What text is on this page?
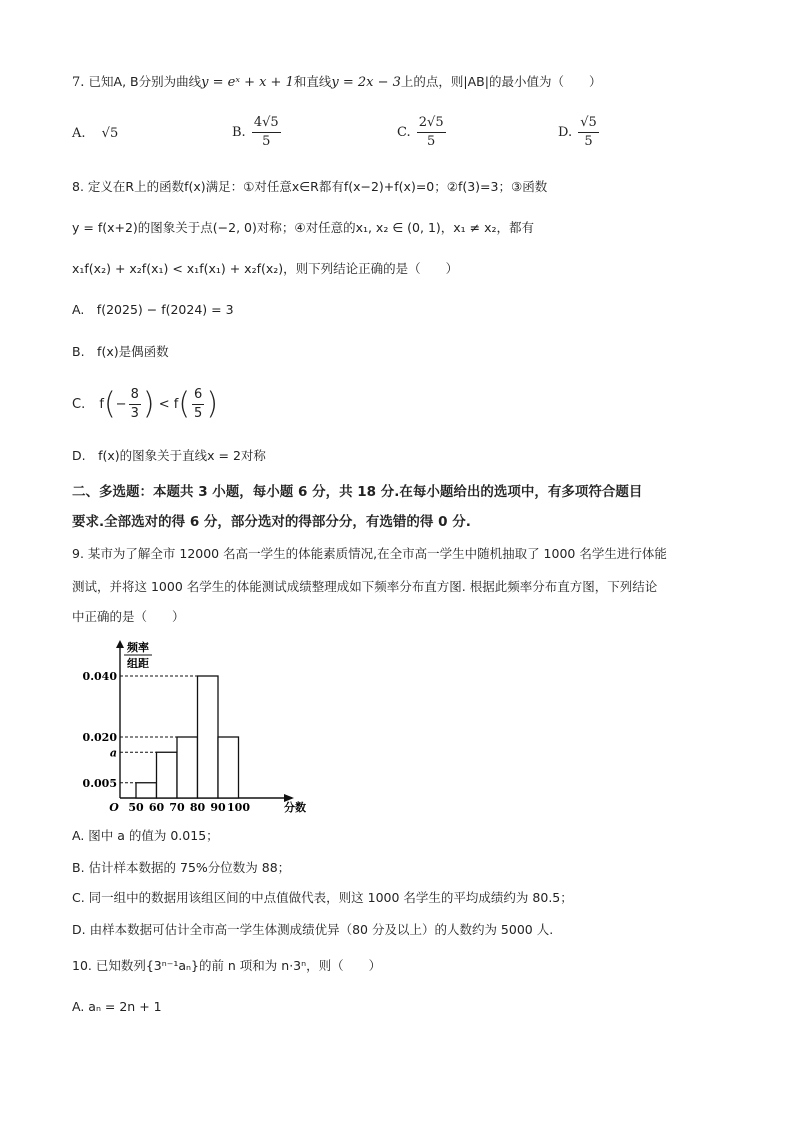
7. 已知A, B分别为曲线y = eˣ + x + 1和直线y = 2x − 3上的点，则|AB|的最小值为（　　）
A. √5	B. $\frac{4√5}{5}$	C. $\frac{2√5}{5}$	D. $\frac{√5}{5}$
8. 定义在R上的函数f(x)满足：①对任意x∈R都有f(x−2)+f(x)=0；②f(3)=3；③函数
y = f(x+2)的图象关于点(−2, 0)对称；④对任意的x₁, x₂ ∈ (0, 1)，x₁ ≠ x₂，都有
x₁f(x₂) + x₂f(x₁) < x₁f(x₁) + x₂f(x₂)，则下列结论正确的是（　　）
A.　f(2025) − f(2024) = 3
B.　f(x)是偶函数
C. $f(- \frac{8}{3}$ ) < $f( \frac{6}{5}$ )
D.　f(x)的图象关于直线x = 2对称
二、多选题：本题共 3 小题，每小题 6 分，共 18 分.在每小题给出的选项中，有多项符合题目
要求.全部选对的得 6 分，部分选对的得部分分，有选错的得 0 分.
9. 某市为了解全市 12000 名高一学生的体能素质情况,在全市高一学生中随机抽取了 1000 名学生进行体能
测试，并将这 1000 名学生的体能测试成绩整理成如下频率分布直方图. 根据此频率分布直方图，下列结论
中正确的是（　　）
0.040
0.020
a
0.005
50 60 70 80 90 100
O	分数
频率
组距
A. 图中 a 的值为 0.015；
B. 估计样本数据的 75%分位数为 88；
C. 同一组中的数据用该组区间的中点值做代表，则这 1000 名学生的平均成绩约为 80.5；
D. 由样本数据可估计全市高一学生体测成绩优异（80 分及以上）的人数约为 5000 人.
10. 已知数列{3ⁿ⁻¹aₙ}的前 n 项和为 n·3ⁿ，则（　　）
A. aₙ = 2n + 1
